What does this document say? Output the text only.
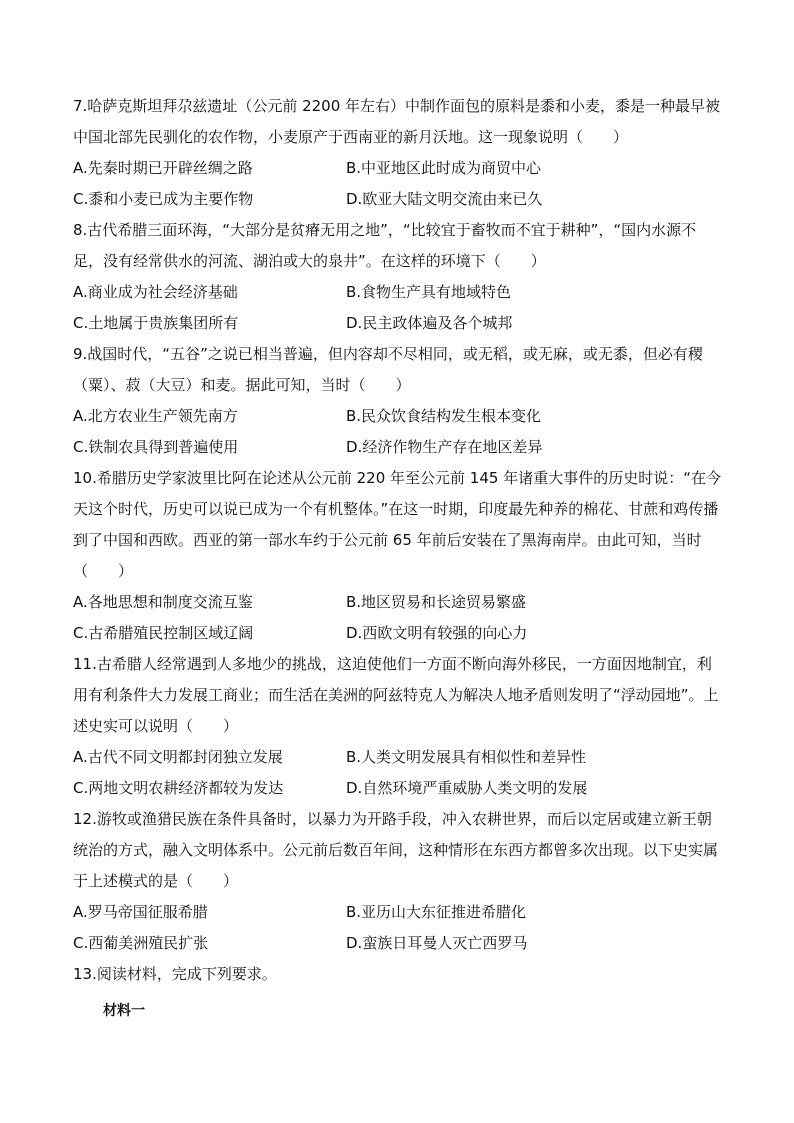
7.哈萨克斯坦拜尕兹遗址（公元前 2200 年左右）中制作面包的原料是黍和小麦，黍是一种最早被中国北部先民驯化的农作物，小麦原产于西南亚的新月沃地。这一现象说明（　　）

A.先秦时期已开辟丝绸之路	B.中亚地区此时成为商贸中心
C.黍和小麦已成为主要作物	D.欧亚大陆文明交流由来已久

8.古代希腊三面环海，“大部分是贫瘠无用之地”，“比较宜于畜牧而不宜于耕种”，“国内水源不足，没有经常供水的河流、湖泊或大的泉井”。在这样的环境下（　　）

A.商业成为社会经济基础	B.食物生产具有地域特色
C.土地属于贵族集团所有	D.民主政体遍及各个城邦

9.战国时代，“五谷”之说已相当普遍，但内容却不尽相同，或无稻，或无麻，或无黍，但必有稷（粟）、菽（大豆）和麦。据此可知，当时（　　）

A.北方农业生产领先南方	B.民众饮食结构发生根本变化
C.铁制农具得到普遍使用	D.经济作物生产存在地区差异

10.希腊历史学家波里比阿在论述从公元前 220 年至公元前 145 年诸重大事件的历史时说：“在今天这个时代，历史可以说已成为一个有机整体。”在这一时期，印度最先种养的棉花、甘蔗和鸡传播到了中国和西欧。西亚的第一部水车约于公元前 65 年前后安装在了黑海南岸。由此可知，当时（　　）

A.各地思想和制度交流互鉴	B.地区贸易和长途贸易繁盛
C.古希腊殖民控制区域辽阔	D.西欧文明有较强的向心力

11.古希腊人经常遇到人多地少的挑战，这迫使他们一方面不断向海外移民，一方面因地制宜，利用有利条件大力发展工商业；而生活在美洲的阿兹特克人为解决人地矛盾则发明了“浮动园地”。上述史实可以说明（　　）

A.古代不同文明都封闭独立发展	B.人类文明发展具有相似性和差异性
C.两地文明农耕经济都较为发达	D.自然环境严重威胁人类文明的发展

12.游牧或渔猎民族在条件具备时，以暴力为开路手段，冲入农耕世界，而后以定居或建立新王朝统治的方式，融入文明体系中。公元前后数百年间，这种情形在东西方都曾多次出现。以下史实属于上述模式的是（　　）

A.罗马帝国征服希腊	B.亚历山大东征推进希腊化
C.西葡美洲殖民扩张	D.蛮族日耳曼人灭亡西罗马

13.阅读材料，完成下列要求。

材料一
